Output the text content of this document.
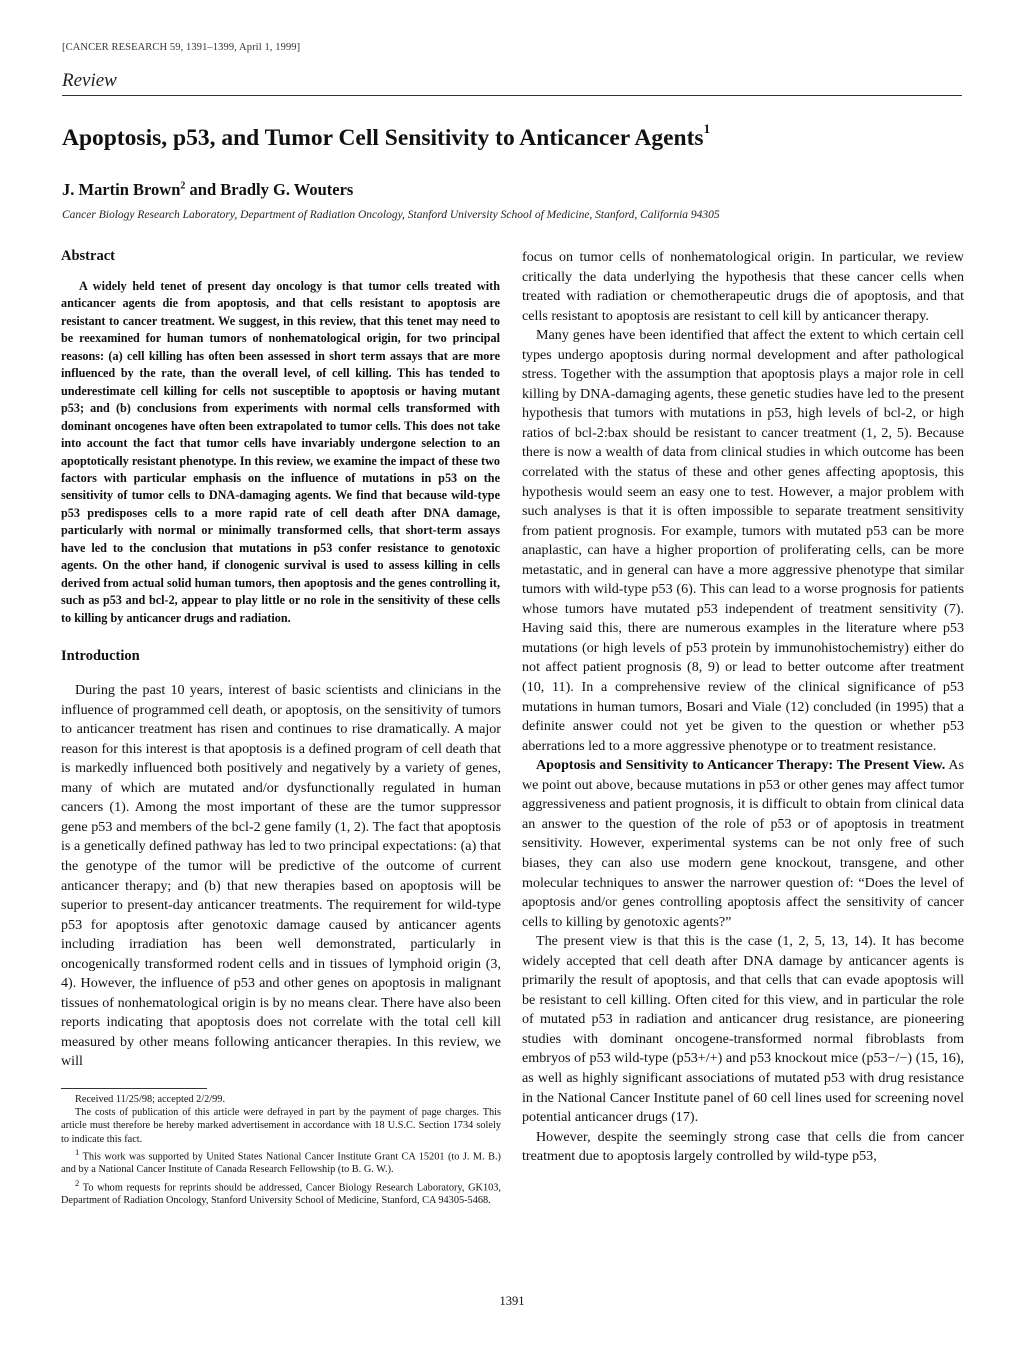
[CANCER RESEARCH 59, 1391–1399, April 1, 1999]
Review
Apoptosis, p53, and Tumor Cell Sensitivity to Anticancer Agents$^1$
J. Martin Brown$^2$ and Bradly G. Wouters
Cancer Biology Research Laboratory, Department of Radiation Oncology, Stanford University School of Medicine, Stanford, California 94305
Abstract

A widely held tenet of present day oncology is that tumor cells treated with anticancer agents die from apoptosis, and that cells resistant to apoptosis are resistant to cancer treatment. We suggest, in this review, that this tenet may need to be reexamined for human tumors of nonhematological origin, for two principal reasons: (a) cell killing has often been assessed in short term assays that are more influenced by the rate, than the overall level, of cell killing. This has tended to underestimate cell killing for cells not susceptible to apoptosis or having mutant p53; and (b) conclusions from experiments with normal cells transformed with dominant oncogenes have often been extrapolated to tumor cells. This does not take into account the fact that tumor cells have invariably undergone selection to an apoptotically resistant phenotype. In this review, we examine the impact of these two factors with particular emphasis on the influence of mutations in p53 on the sensitivity of tumor cells to DNA-damaging agents. We find that because wild-type p53 predisposes cells to a more rapid rate of cell death after DNA damage, particularly with normal or minimally transformed cells, that short-term assays have led to the conclusion that mutations in p53 confer resistance to genotoxic agents. On the other hand, if clonogenic survival is used to assess killing in cells derived from actual solid human tumors, then apoptosis and the genes controlling it, such as p53 and bcl-2, appear to play little or no role in the sensitivity of these cells to killing by anticancer drugs and radiation.

Introduction

During the past 10 years, interest of basic scientists and clinicians in the influence of programmed cell death, or apoptosis, on the sensitivity of tumors to anticancer treatment has risen and continues to rise dramatically. A major reason for this interest is that apoptosis is a defined program of cell death that is markedly influenced both positively and negatively by a variety of genes, many of which are mutated and/or dysfunctionally regulated in human cancers (1). Among the most important of these are the tumor suppressor gene p53 and members of the bcl-2 gene family (1, 2). The fact that apoptosis is a genetically defined pathway has led to two principal expectations: (a) that the genotype of the tumor will be predictive of the outcome of current anticancer therapy; and (b) that new therapies based on apoptosis will be superior to present-day anticancer treatments. The requirement for wild-type p53 for apoptosis after genotoxic damage caused by anticancer agents including irradiation has been well demonstrated, particularly in oncogenically transformed rodent cells and in tissues of lymphoid origin (3, 4). However, the influence of p53 and other genes on apoptosis in malignant tissues of nonhematological origin is by no means clear. There have also been reports indicating that apoptosis does not correlate with the total cell kill measured by other means following anticancer therapies. In this review, we will

Received 11/25/98; accepted 2/2/99.

The costs of publication of this article were defrayed in part by the payment of page charges. This article must therefore be hereby marked advertisement in accordance with 18 U.S.C. Section 1734 solely to indicate this fact.

$^1$ This work was supported by United States National Cancer Institute Grant CA 15201 (to J. M. B.) and by a National Cancer Institute of Canada Research Fellowship (to B. G. W.).

$^2$ To whom requests for reprints should be addressed, Cancer Biology Research Laboratory, GK103, Department of Radiation Oncology, Stanford University School of Medicine, Stanford, CA 94305-5468.

focus on tumor cells of nonhematological origin. In particular, we review critically the data underlying the hypothesis that these cancer cells when treated with radiation or chemotherapeutic drugs die of apoptosis, and that cells resistant to apoptosis are resistant to cell kill by anticancer therapy.

Many genes have been identified that affect the extent to which certain cell types undergo apoptosis during normal development and after pathological stress. Together with the assumption that apoptosis plays a major role in cell killing by DNA-damaging agents, these genetic studies have led to the present hypothesis that tumors with mutations in p53, high levels of bcl-2, or high ratios of bcl-2:bax should be resistant to cancer treatment (1, 2, 5). Because there is now a wealth of data from clinical studies in which outcome has been correlated with the status of these and other genes affecting apoptosis, this hypothesis would seem an easy one to test. However, a major problem with such analyses is that it is often impossible to separate treatment sensitivity from patient prognosis. For example, tumors with mutated p53 can be more anaplastic, can have a higher proportion of proliferating cells, can be more metastatic, and in general can have a more aggressive phenotype that similar tumors with wild-type p53 (6). This can lead to a worse prognosis for patients whose tumors have mutated p53 independent of treatment sensitivity (7). Having said this, there are numerous examples in the literature where p53 mutations (or high levels of p53 protein by immunohistochemistry) either do not affect patient prognosis (8, 9) or lead to better outcome after treatment (10, 11). In a comprehensive review of the clinical significance of p53 mutations in human tumors, Bosari and Viale (12) concluded (in 1995) that a definite answer could not yet be given to the question or whether p53 aberrations led to a more aggressive phenotype or to treatment resistance.

Apoptosis and Sensitivity to Anticancer Therapy: The Present View. As we point out above, because mutations in p53 or other genes may affect tumor aggressiveness and patient prognosis, it is difficult to obtain from clinical data an answer to the question of the role of p53 or of apoptosis in treatment sensitivity. However, experimental systems can be not only free of such biases, they can also use modern gene knockout, transgene, and other molecular techniques to answer the narrower question of: “Does the level of apoptosis and/or genes controlling apoptosis affect the sensitivity of cancer cells to killing by genotoxic agents?”

The present view is that this is the case (1, 2, 5, 13, 14). It has become widely accepted that cell death after DNA damage by anticancer agents is primarily the result of apoptosis, and that cells that can evade apoptosis will be resistant to cell killing. Often cited for this view, and in particular the role of mutated p53 in radiation and anticancer drug resistance, are pioneering studies with dominant oncogene-transformed normal fibroblasts from embryos of p53 wild-type (p53+/+) and p53 knockout mice (p53−/−) (15, 16), as well as highly significant associations of mutated p53 with drug resistance in the National Cancer Institute panel of 60 cell lines used for screening novel potential anticancer drugs (17).

However, despite the seemingly strong case that cells die from cancer treatment due to apoptosis largely controlled by wild-type p53,

1391
